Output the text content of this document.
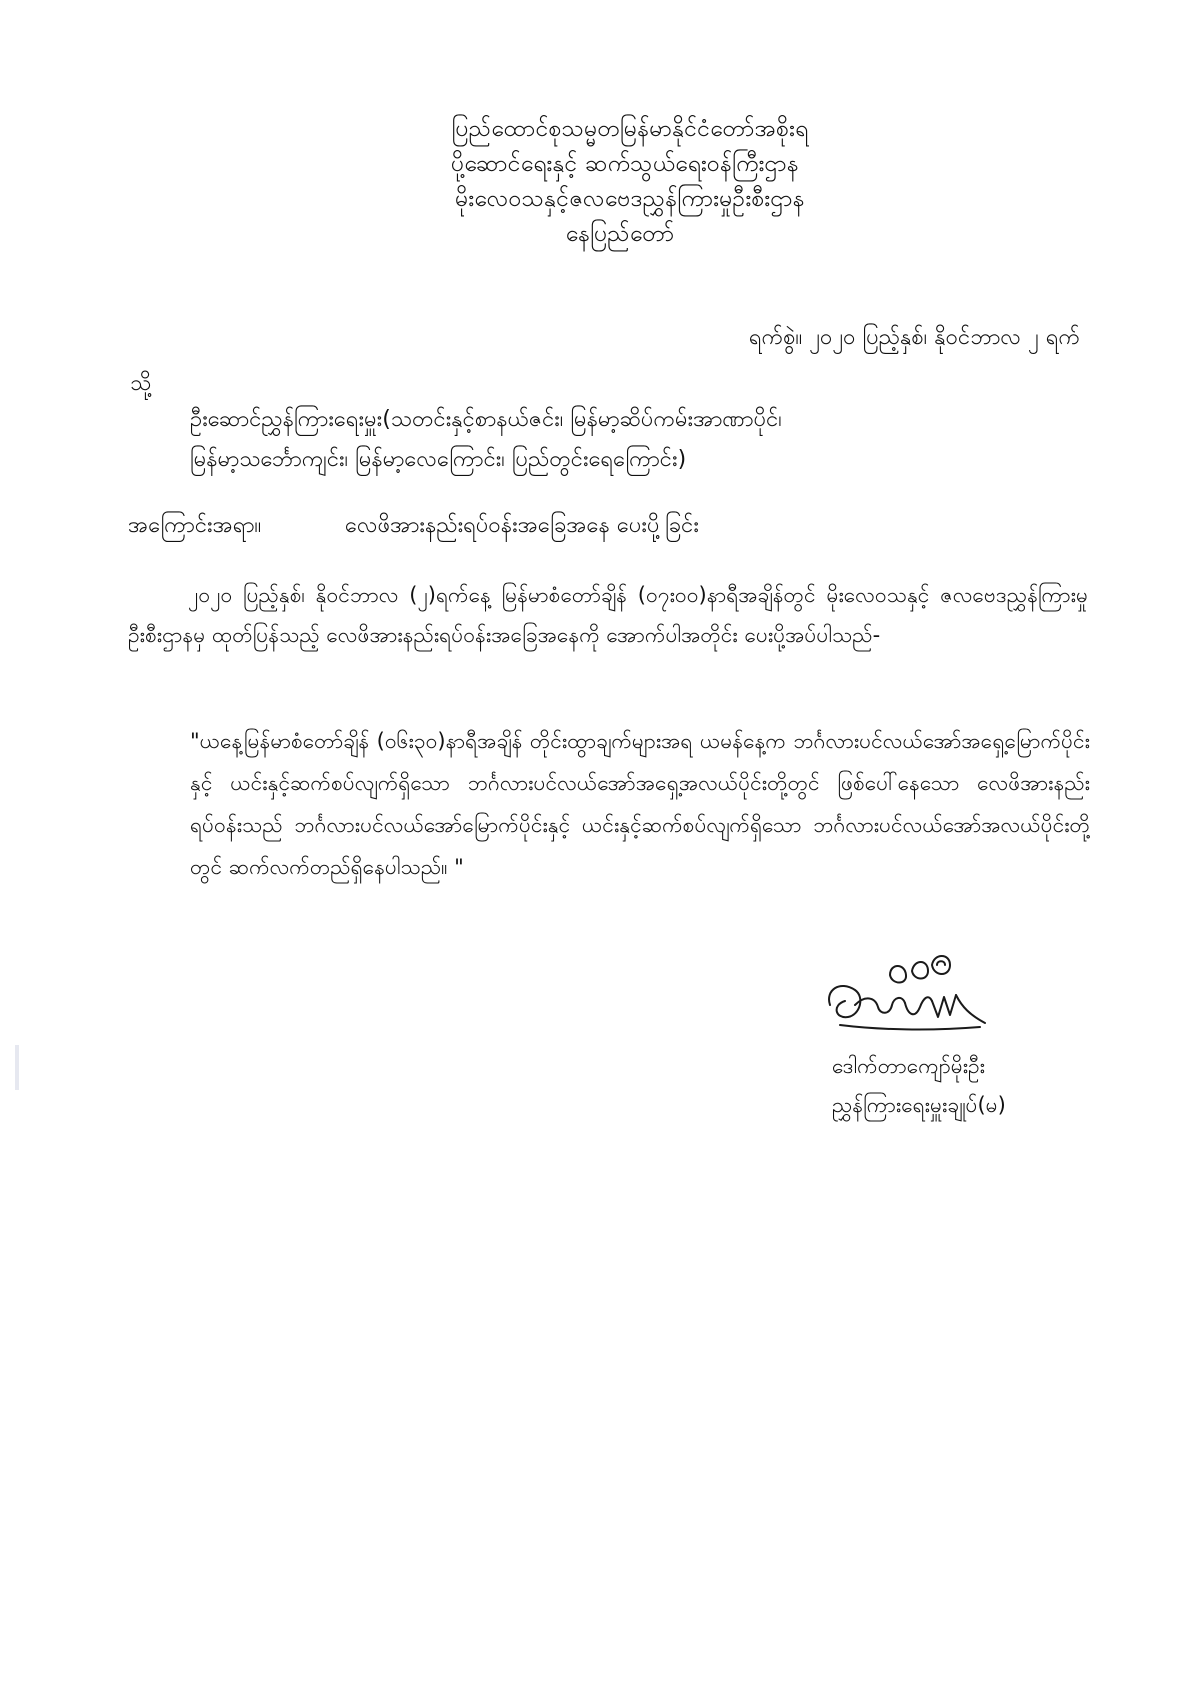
ပြည်ထောင်စုသမ္မတမြန်မာနိုင်ငံတော်အစိုးရ
ပို့ဆောင်ရေးနှင့် ဆက်သွယ်ရေးဝန်ကြီးဌာန
မိုးလေဝသနှင့်ဇလဗေဒညွှန်ကြားမှုဦးစီးဌာန
နေပြည်တော်
ရက်စွဲ။ ၂၀၂၀ ပြည့်နှစ်၊ နိုဝင်ဘာလ ၂ ရက်
သို့
ဦးဆောင်ညွှန်ကြားရေးမှူး(သတင်းနှင့်စာနယ်ဇင်း၊ မြန်မာ့ဆိပ်ကမ်းအာဏာပိုင်၊
မြန်မာ့သင်္ဘောကျင်း၊ မြန်မာ့လေကြောင်း၊ ပြည်တွင်းရေကြောင်း)
အကြောင်းအရာ။	လေဖိအားနည်းရပ်ဝန်းအခြေအနေ ပေးပို့ခြင်း
၂၀၂၀ ပြည့်နှစ်၊ နိုဝင်ဘာလ (၂)ရက်နေ့ မြန်မာစံတော်ချိန် (၀၇း၀၀)နာရီအချိန်တွင် မိုးလေဝသနှင့် ဇလဗေဒညွှန်ကြားမှုဦးစီးဌာနမှ ထုတ်ပြန်သည့် လေဖိအားနည်းရပ်ဝန်းအခြေအနေကို အောက်ပါအတိုင်း ပေးပို့အပ်ပါသည်-
"ယနေ့မြန်မာစံတော်ချိန် (၀၆း၃၀)နာရီအချိန် တိုင်းထွာချက်များအရ ယမန်နေ့က ဘင်္ဂလားပင်လယ်အော်အရှေ့မြောက်ပိုင်းနှင့် ယင်းနှင့်ဆက်စပ်လျက်ရှိသော ဘင်္ဂလားပင်လယ်အော်အရှေ့အလယ်ပိုင်းတို့တွင် ဖြစ်ပေါ်နေသော လေဖိအားနည်းရပ်ဝန်းသည် ဘင်္ဂလားပင်လယ်အော်မြောက်ပိုင်းနှင့် ယင်းနှင့်ဆက်စပ်လျက်ရှိသော ဘင်္ဂလားပင်လယ်အော်အလယ်ပိုင်းတို့တွင် ဆက်လက်တည်ရှိနေပါသည်။ "
ဒေါက်တာကျော်မိုးဦး
ညွှန်ကြားရေးမှူးချုပ်(မ)
